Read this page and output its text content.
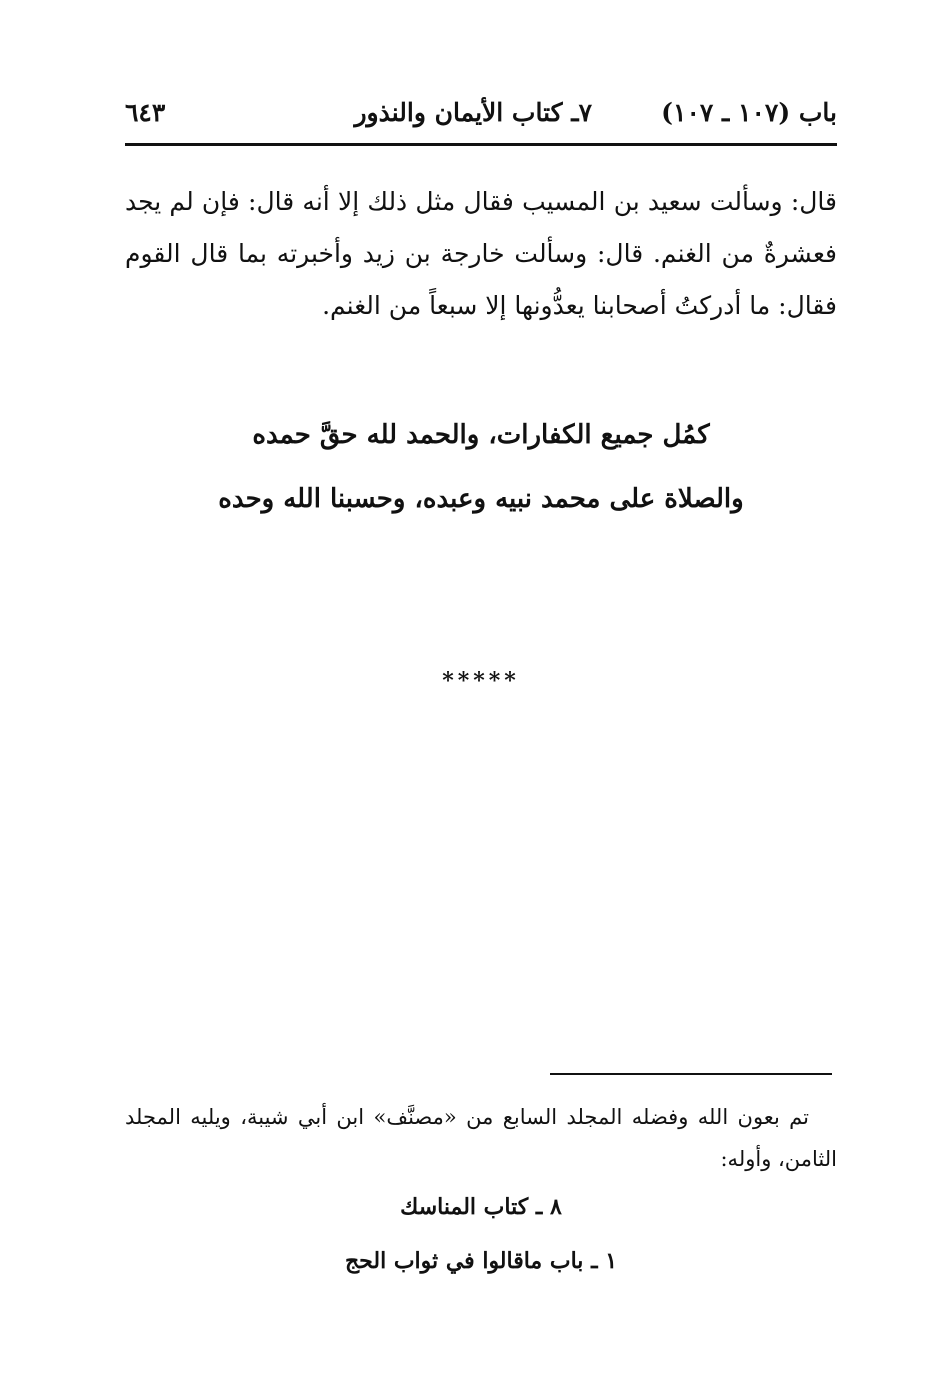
باب (١٠٧ ـ ١٠٧)
٧ـ كتاب الأيمان والنذور
٦٤٣

قال: وسألت سعيد بن المسيب فقال مثل ذلك إلا أنه قال: فإن لم يجد فعشرةٌ من الغنم. قال: وسألت خارجة بن زيد وأخبرته بما قال القوم فقال: ما أدركتُ أصحابنا يعدُّونها إلا سبعاً من الغنم.

كمُل جميع الكفارات، والحمد لله حقَّ حمده
والصلاة على محمد نبيه وعبده، وحسبنا الله وحده
*****

تم بعون الله وفضله المجلد السابع من «مصنَّف» ابن أبي شيبة، ويليه المجلد الثامن، وأوله:

٨ ـ كتاب المناسك
١ ـ باب ماقالوا في ثواب الحج
